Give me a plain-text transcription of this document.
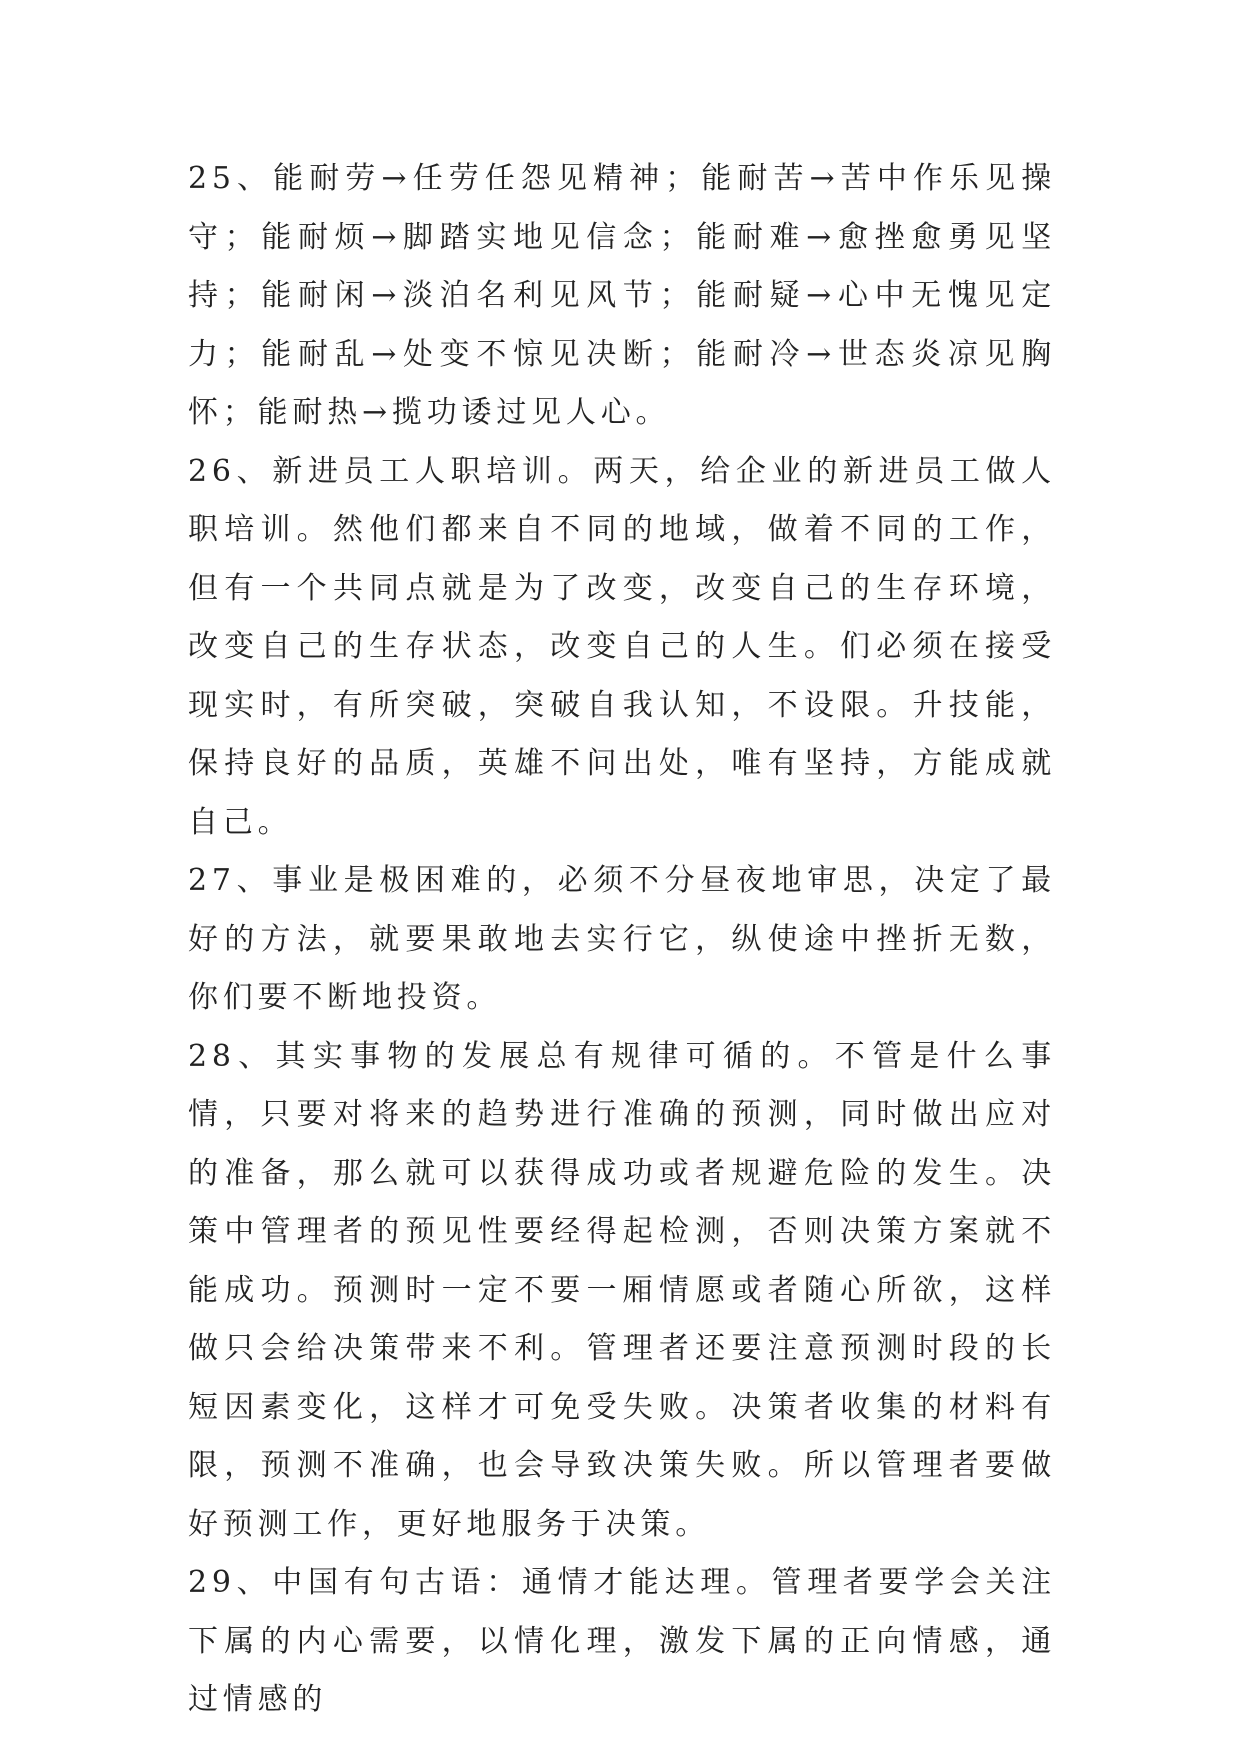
25、能耐劳→任劳任怨见精神；能耐苦→苦中作乐见操守；能耐烦→脚踏实地见信念；能耐难→愈挫愈勇见坚持；能耐闲→淡泊名利见风节；能耐疑→心中无愧见定力；能耐乱→处变不惊见决断；能耐冷→世态炎凉见胸怀；能耐热→揽功诿过见人心。

26、新进员工人职培训。两天，给企业的新进员工做人职培训。然他们都来自不同的地域，做着不同的工作，但有一个共同点就是为了改变，改变自己的生存环境，改变自己的生存状态，改变自己的人生。们必须在接受现实时，有所突破，突破自我认知，不设限。升技能，保持良好的品质，英雄不问出处，唯有坚持，方能成就自己。

27、事业是极困难的，必须不分昼夜地审思，决定了最好的方法，就要果敢地去实行它，纵使途中挫折无数，你们要不断地投资。

28、其实事物的发展总有规律可循的。不管是什么事情，只要对将来的趋势进行准确的预测，同时做出应对的准备，那么就可以获得成功或者规避危险的发生。决策中管理者的预见性要经得起检测，否则决策方案就不能成功。预测时一定不要一厢情愿或者随心所欲，这样做只会给决策带来不利。管理者还要注意预测时段的长短因素变化，这样才可免受失败。决策者收集的材料有限，预测不准确，也会导致决策失败。所以管理者要做好预测工作，更好地服务于决策。

29、中国有句古语：通情才能达理。管理者要学会关注下属的内心需要，以情化理，激发下属的正向情感，通过情感的
